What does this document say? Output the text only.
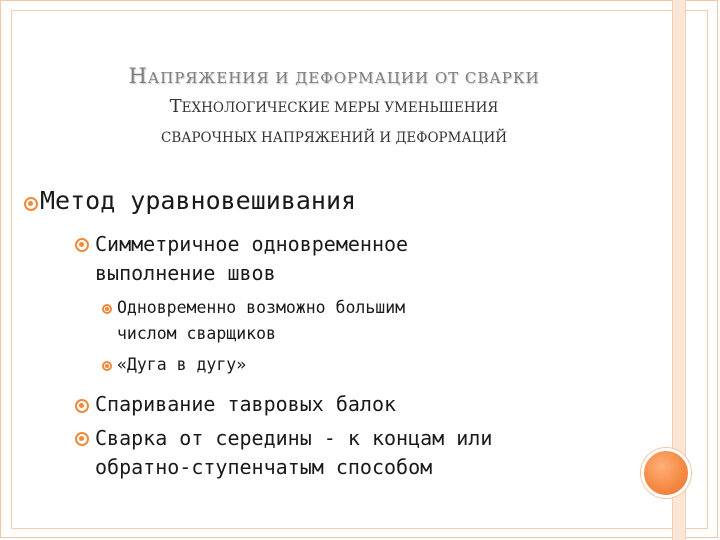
НАПРЯЖЕНИЯ И ДЕФОРМАЦИИ ОТ СВАРКИ
ТЕХНОЛОГИЧЕСКИЕ МЕРЫ УМЕНЬШЕНИЯ
СВАРОЧНЫХ НАПРЯЖЕНИЙ И ДЕФОРМАЦИЙ
Метод уравновешивания
Симметричное одновременное
выполнение швов
Одновременно возможно большим
числом сварщиков
«Дуга в дугу»
Спаривание тавровых балок
Сварка от середины - к концам или
обратно-ступенчатым способом
